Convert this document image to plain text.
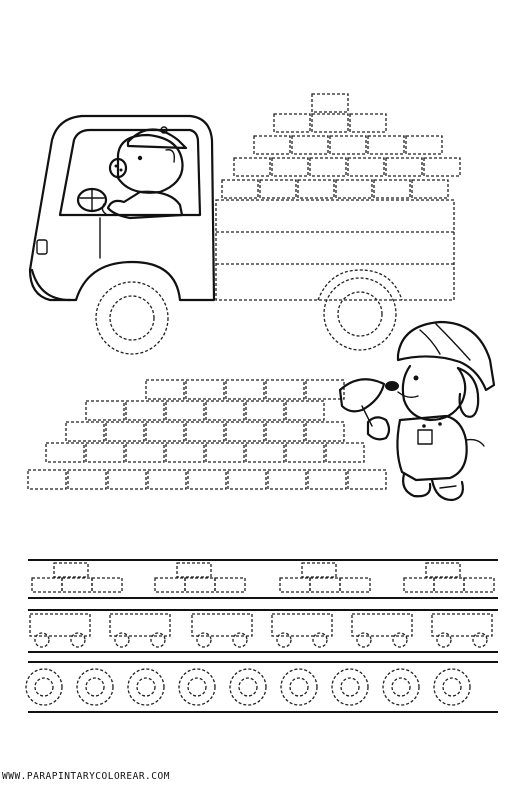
WWW.PARAPINTARYCOLOREAR.COM
